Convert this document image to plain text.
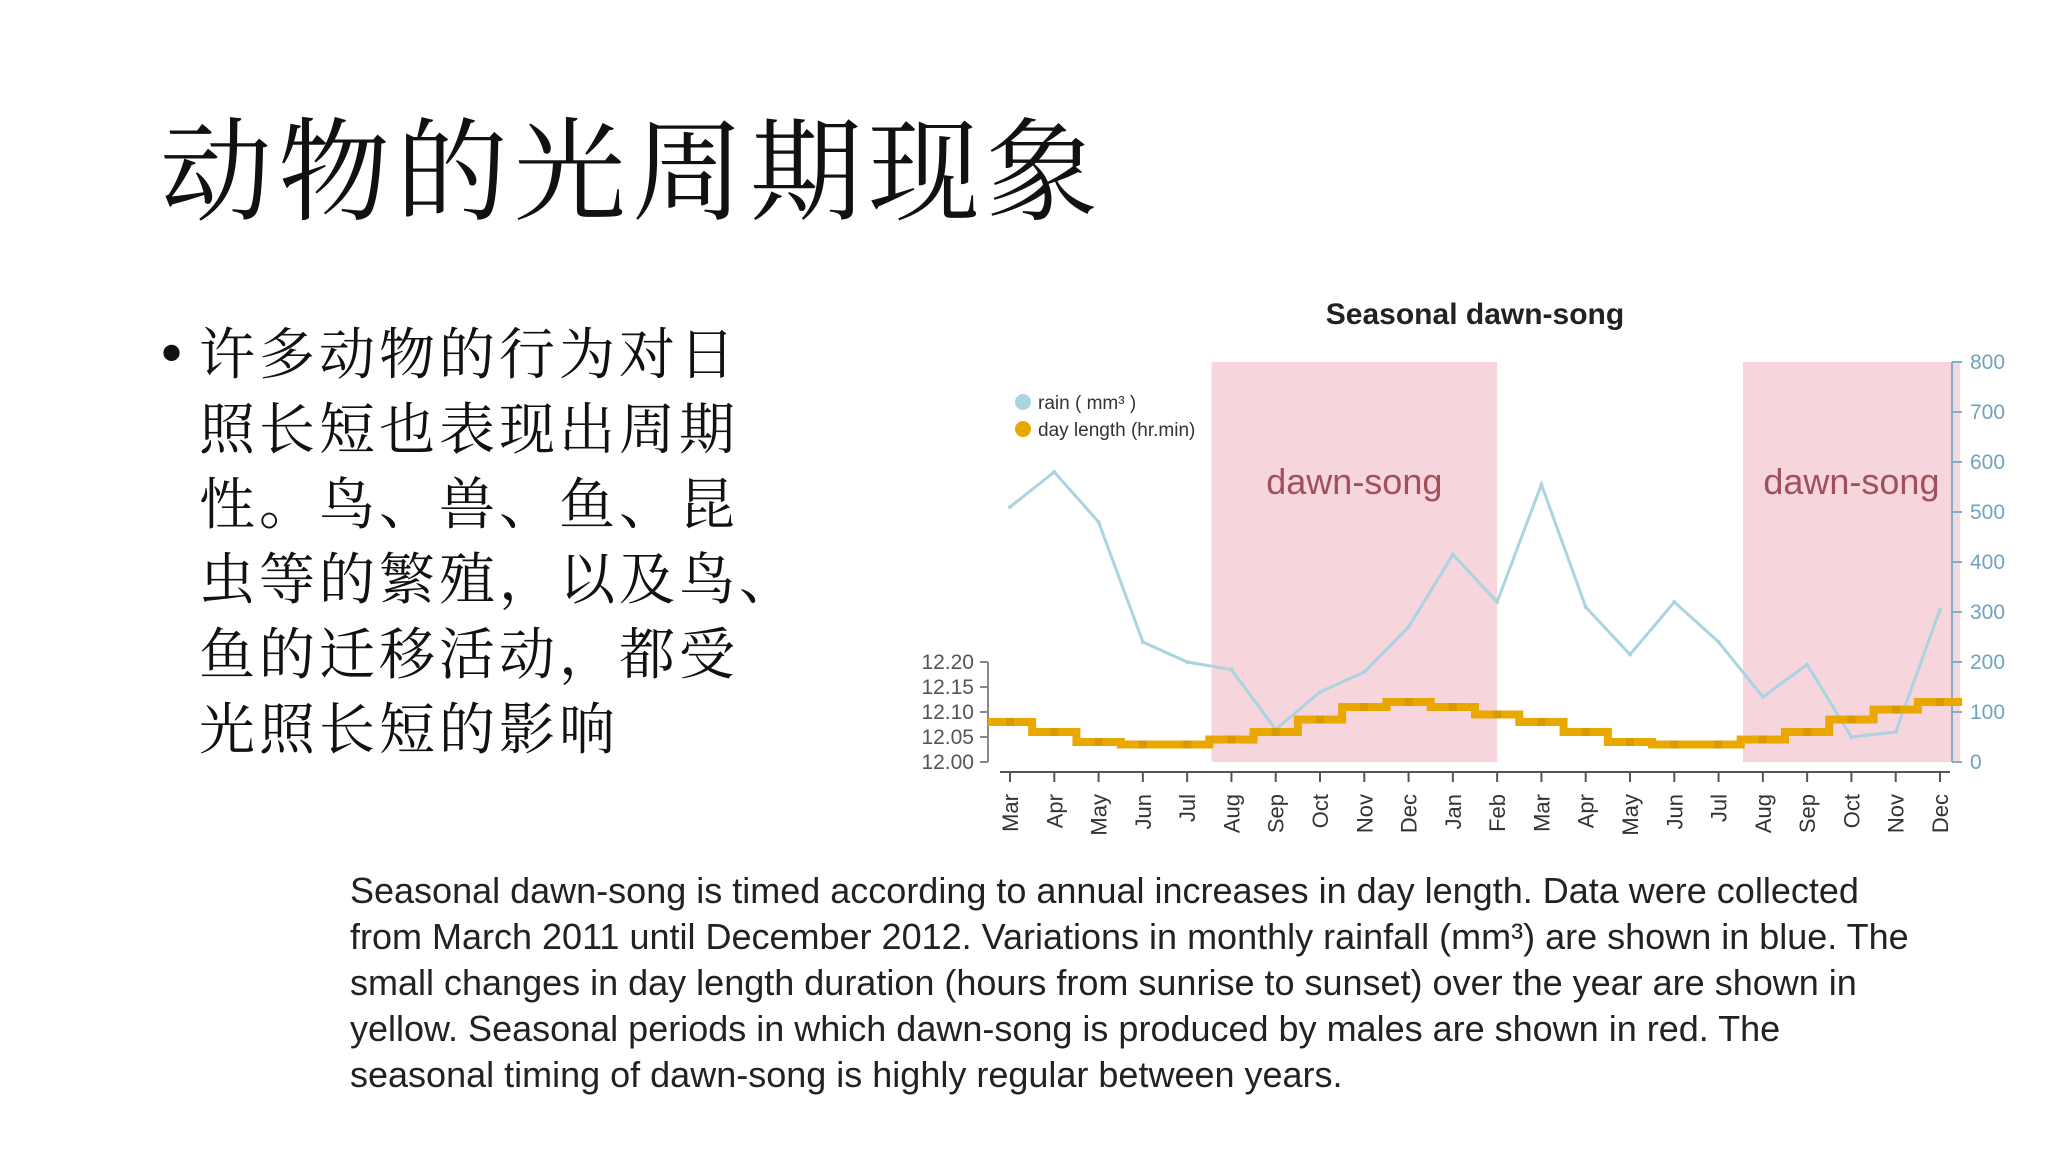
动物的光周期现象
• 许多动物的行为对日
照长短也表现出周期
性。鸟、兽、鱼、昆
虫等的繁殖，以及鸟、
鱼的迁移活动，都受
光照长短的影响
dawn-song	dawn-song
Seasonal dawn-song
rain ( mm³ )
day length (hr.min)
0
100
200
300
400
500
600
700
800
12.00
12.05
12.10
12.15
12.20
Mar Apr May Jun Jul Aug Sep Oct Nov Dec Jan Feb Mar Apr May Jun Jul Aug Sep Oct Nov Dec
Seasonal dawn-song is timed according to annual increases in day length. Data were collected
from March 2011 until December 2012. Variations in monthly rainfall (mm³) are shown in blue. The
small changes in day length duration (hours from sunrise to sunset) over the year are shown in
yellow. Seasonal periods in which dawn-song is produced by males are shown in red. The
seasonal timing of dawn-song is highly regular between years.
